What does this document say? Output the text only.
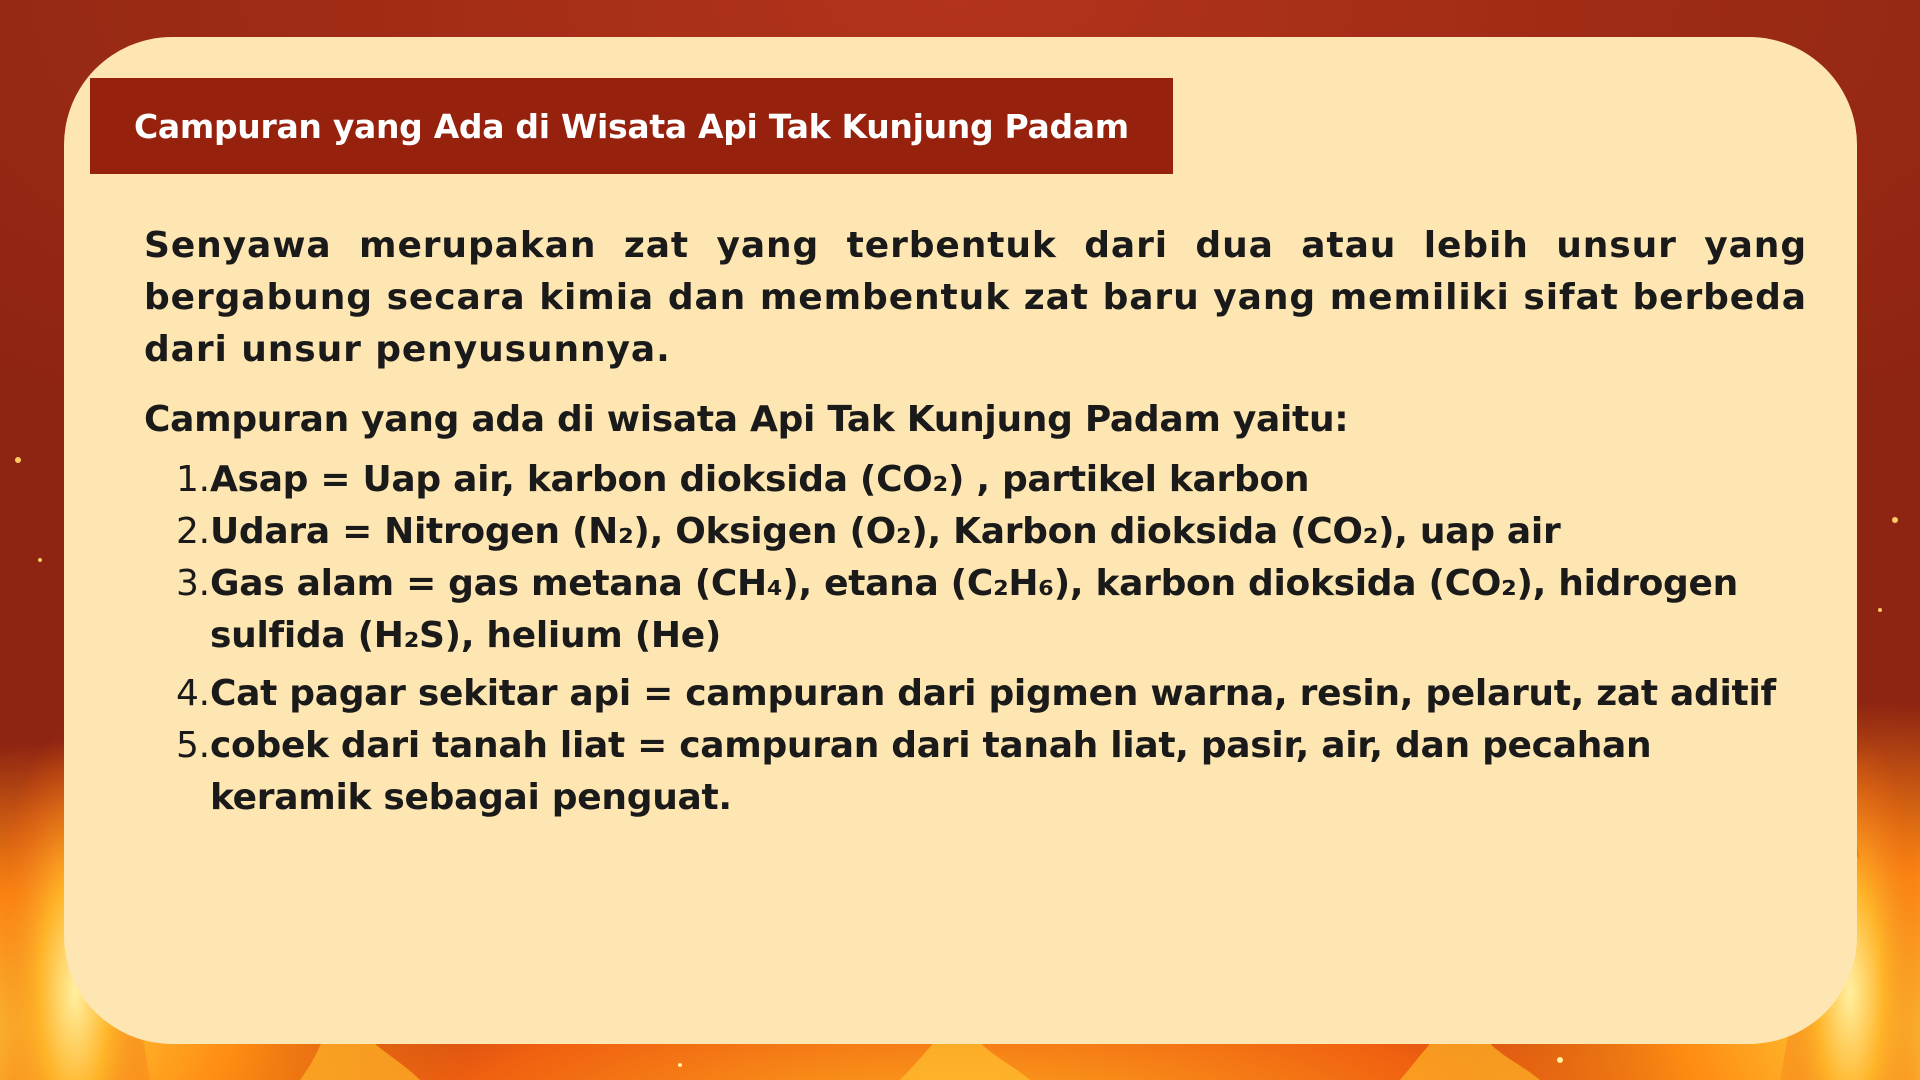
Campuran yang Ada di Wisata Api Tak Kunjung Padam

Senyawa merupakan zat yang terbentuk dari dua atau lebih unsur yang bergabung secara kimia dan membentuk zat baru yang memiliki sifat berbeda dari unsur penyusunnya.

Campuran yang ada di wisata Api Tak Kunjung Padam yaitu:
1. Asap = Uap air, karbon dioksida (CO₂) , partikel karbon
2. Udara = Nitrogen (N₂), Oksigen (O₂), Karbon dioksida (CO₂), uap air
3. Gas alam = gas metana (CH₄), etana (C₂H₆), karbon dioksida (CO₂), hidrogen sulfida (H₂S), helium (He)
4. Cat pagar sekitar api = campuran dari pigmen warna, resin, pelarut, zat aditif
5. cobek dari tanah liat = campuran dari tanah liat, pasir, air, dan pecahan keramik sebagai penguat.
